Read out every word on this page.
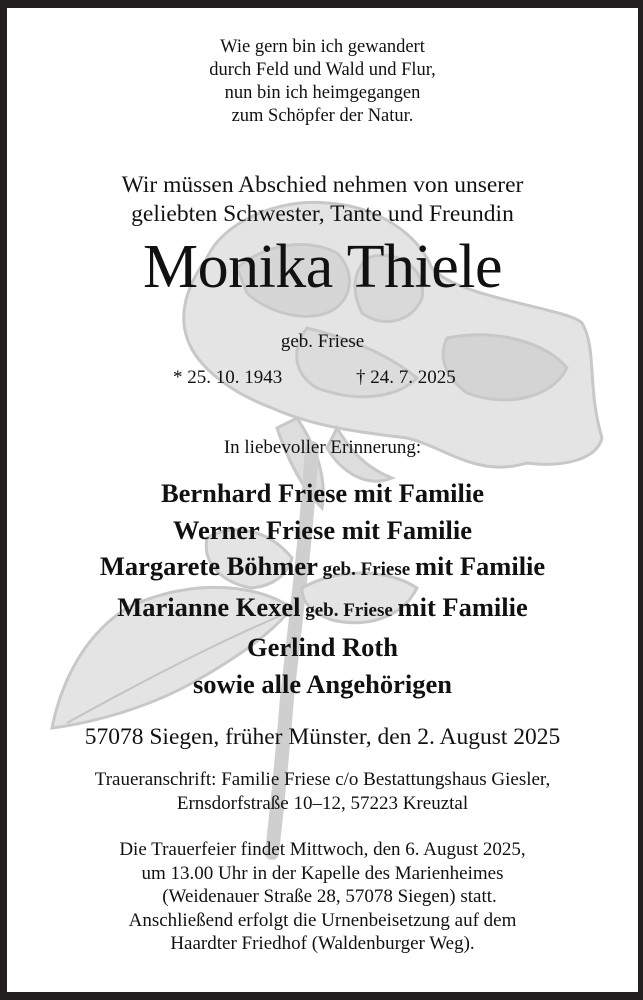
Wie gern bin ich gewandert
durch Feld und Wald und Flur,
nun bin ich heimgegangen
zum Schöpfer der Natur.
Wir müssen Abschied nehmen von unserer
geliebten Schwester, Tante und Freundin
Monika Thiele
geb. Friese
* 25. 10. 1943	† 24. 7. 2025
In liebevoller Erinnerung:
Bernhard Friese mit Familie
Werner Friese mit Familie
Margarete Böhmer geb. Friese mit Familie
Marianne Kexel geb. Friese mit Familie
Gerlind Roth
sowie alle Angehörigen
57078 Siegen, früher Münster, den 2. August 2025
Traueranschrift: Familie Friese c/o Bestattungshaus Giesler,
Ernsdorfstraße 10–12, 57223 Kreuztal
Die Trauerfeier findet Mittwoch, den 6. August 2025,
um 13.00 Uhr in der Kapelle des Marienheimes
(Weidenauer Straße 28, 57078 Siegen) statt.
Anschließend erfolgt die Urnenbeisetzung auf dem
Haardter Friedhof (Waldenburger Weg).
